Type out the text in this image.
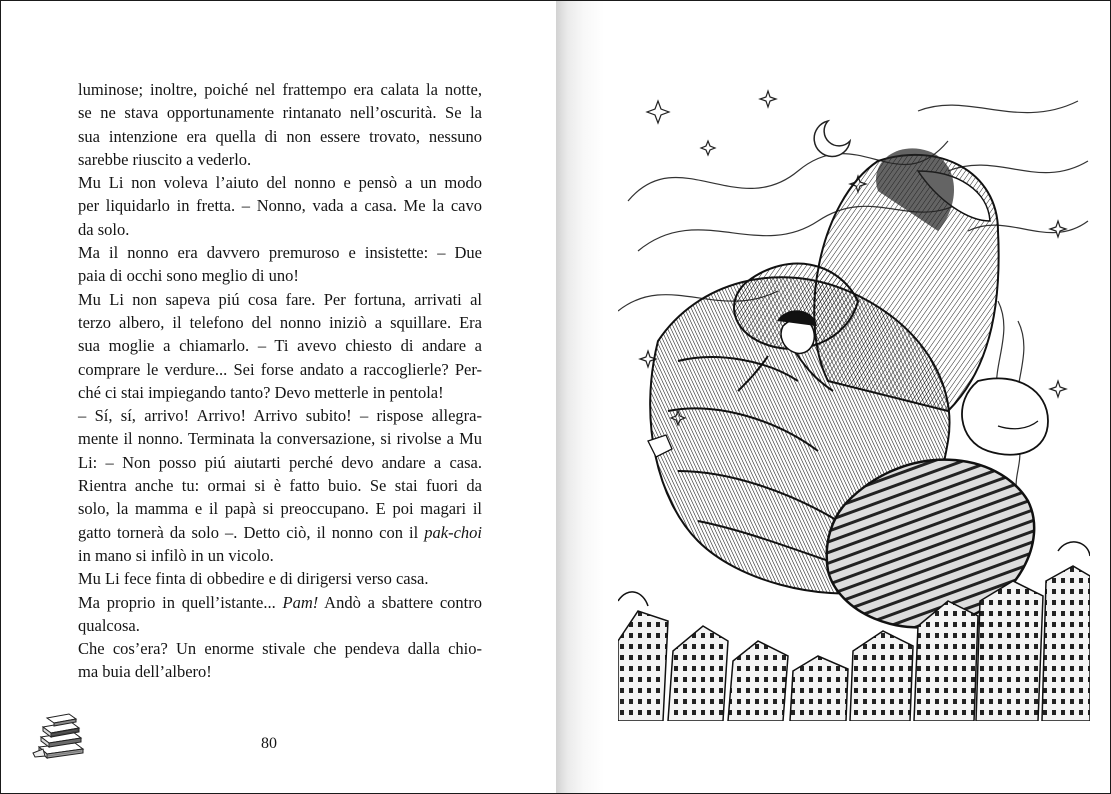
luminose; inoltre, poiché nel frattempo era calata la notte,
se ne stava opportunamente rintanato nell’oscurità. Se la
sua intenzione era quella di non essere trovato, nessuno
sarebbe riuscito a vederlo.
Mu Li non voleva l’aiuto del nonno e pensò a un modo
per liquidarlo in fretta. – Nonno, vada a casa. Me la cavo
da solo.
Ma il nonno era davvero premuroso e insistette: – Due
paia di occhi sono meglio di uno!
Mu Li non sapeva piú cosa fare. Per fortuna, arrivati al
terzo albero, il telefono del nonno iniziò a squillare. Era
sua moglie a chiamarlo. – Ti avevo chiesto di andare a
comprare le verdure... Sei forse andato a raccoglierle? Per-
ché ci stai impiegando tanto? Devo metterle in pentola!
– Sí, sí, arrivo! Arrivo! Arrivo subito! – rispose allegra-
mente il nonno. Terminata la conversazione, si rivolse a Mu
Li: – Non posso piú aiutarti perché devo andare a casa.
Rientra anche tu: ormai si è fatto buio. Se stai fuori da
solo, la mamma e il papà si preoccupano. E poi magari il
gatto tornerà da solo –. Detto ciò, il nonno con il pak-choi
in mano si infilò in un vicolo.
Mu Li fece finta di obbedire e di dirigersi verso casa.
Ma proprio in quell’istante... Pam! Andò a sbattere contro
qualcosa.
Che cos’era? Un enorme stivale che pendeva dalla chio-
ma buia dell’albero!
80
